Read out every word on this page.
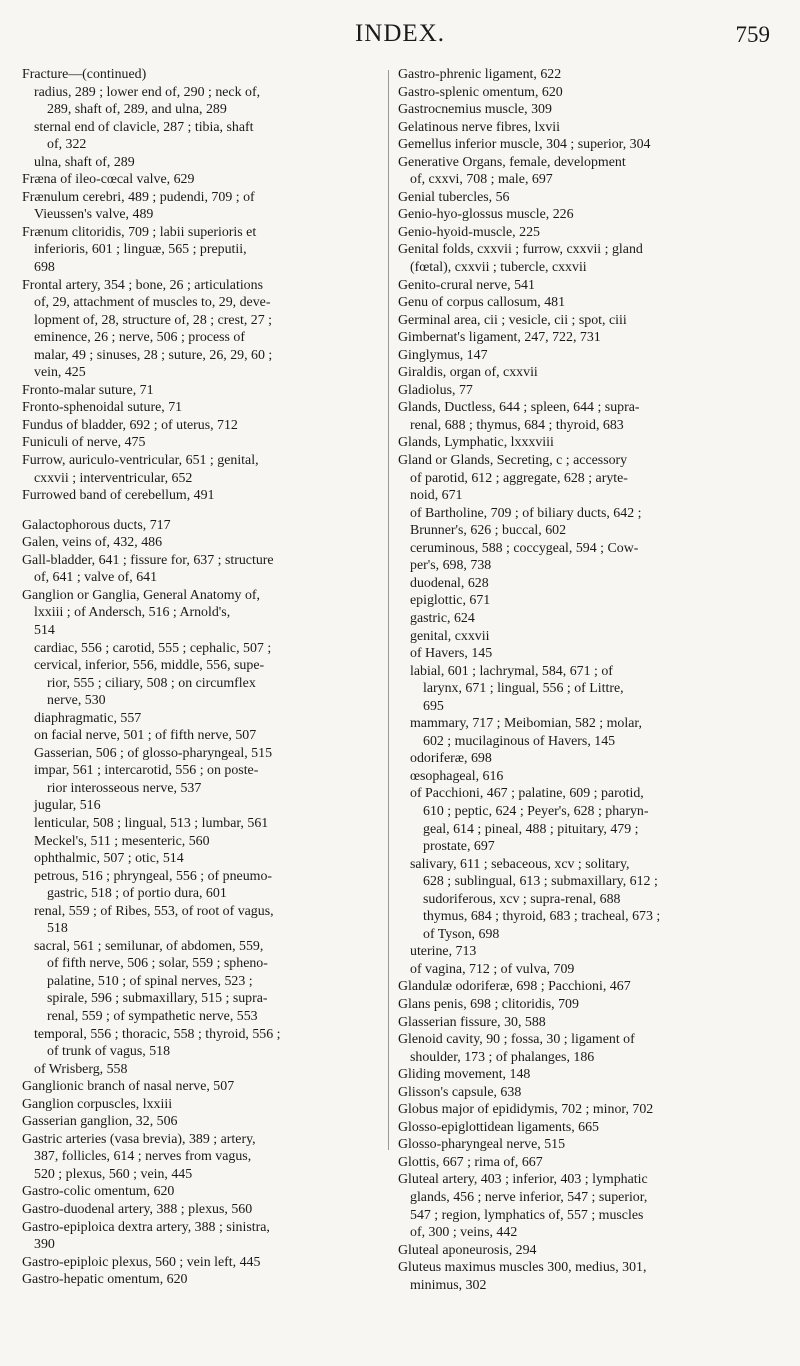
INDEX.	759
Fracture—(continued)
radius, 289 ; lower end of, 290 ; neck of,
289, shaft of, 289, and ulna, 289
sternal end of clavicle, 287 ; tibia, shaft
of, 322
ulna, shaft of, 289
Fræna of ileo-cœcal valve, 629
Frænulum cerebri, 489 ; pudendi, 709 ; of
Vieussen's valve, 489
Frænum clitoridis, 709 ; labii superioris et
inferioris, 601 ; linguæ, 565 ; preputii,
698
Frontal artery, 354 ; bone, 26 ; articulations
of, 29, attachment of muscles to, 29, deve-
lopment of, 28, structure of, 28 ; crest, 27 ;
eminence, 26 ; nerve, 506 ; process of
malar, 49 ; sinuses, 28 ; suture, 26, 29, 60 ;
vein, 425
Fronto-malar suture, 71
Fronto-sphenoidal suture, 71
Fundus of bladder, 692 ; of uterus, 712
Funiculi of nerve, 475
Furrow, auriculo-ventricular, 651 ; genital,
cxxvii ; interventricular, 652
Furrowed band of cerebellum, 491
Galactophorous ducts, 717
Galen, veins of, 432, 486
Gall-bladder, 641 ; fissure for, 637 ; structure
of, 641 ; valve of, 641
Ganglion or Ganglia, General Anatomy of,
lxxiii ; of Andersch, 516 ; Arnold's,
514
cardiac, 556 ; carotid, 555 ; cephalic, 507 ;
cervical, inferior, 556, middle, 556, supe-
rior, 555 ; ciliary, 508 ; on circumflex
nerve, 530
diaphragmatic, 557
on facial nerve, 501 ; of fifth nerve, 507
Gasserian, 506 ; of glosso-pharyngeal, 515
impar, 561 ; intercarotid, 556 ; on poste-
rior interosseous nerve, 537
jugular, 516
lenticular, 508 ; lingual, 513 ; lumbar, 561
Meckel's, 511 ; mesenteric, 560
ophthalmic, 507 ; otic, 514
petrous, 516 ; phryngeal, 556 ; of pneumo-
gastric, 518 ; of portio dura, 601
renal, 559 ; of Ribes, 553, of root of vagus,
518
sacral, 561 ; semilunar, of abdomen, 559,
of fifth nerve, 506 ; solar, 559 ; spheno-
palatine, 510 ; of spinal nerves, 523 ;
spirale, 596 ; submaxillary, 515 ; supra-
renal, 559 ; of sympathetic nerve, 553
temporal, 556 ; thoracic, 558 ; thyroid, 556 ;
of trunk of vagus, 518
of Wrisberg, 558
Ganglionic branch of nasal nerve, 507
Ganglion corpuscles, lxxiii
Gasserian ganglion, 32, 506
Gastric arteries (vasa brevia), 389 ; artery,
387, follicles, 614 ; nerves from vagus,
520 ; plexus, 560 ; vein, 445
Gastro-colic omentum, 620
Gastro-duodenal artery, 388 ; plexus, 560
Gastro-epiploica dextra artery, 388 ; sinistra,
390
Gastro-epiploic plexus, 560 ; vein left, 445
Gastro-hepatic omentum, 620
Gastro-phrenic ligament, 622
Gastro-splenic omentum, 620
Gastrocnemius muscle, 309
Gelatinous nerve fibres, lxvii
Gemellus inferior muscle, 304 ; superior, 304
Generative Organs, female, development
of, cxxvi, 708 ; male, 697
Genial tubercles, 56
Genio-hyo-glossus muscle, 226
Genio-hyoid-muscle, 225
Genital folds, cxxvii ; furrow, cxxvii ; gland
(fœtal), cxxvii ; tubercle, cxxvii
Genito-crural nerve, 541
Genu of corpus callosum, 481
Germinal area, cii ; vesicle, cii ; spot, ciii
Gimbernat's ligament, 247, 722, 731
Ginglymus, 147
Giraldis, organ of, cxxvii
Gladiolus, 77
Glands, Ductless, 644 ; spleen, 644 ; supra-
renal, 688 ; thymus, 684 ; thyroid, 683
Glands, Lymphatic, lxxxviii
Gland or Glands, Secreting, c ; accessory
of parotid, 612 ; aggregate, 628 ; aryte-
noid, 671
of Bartholine, 709 ; of biliary ducts, 642 ;
Brunner's, 626 ; buccal, 602
ceruminous, 588 ; coccygeal, 594 ; Cow-
per's, 698, 738
duodenal, 628
epiglottic, 671
gastric, 624
genital, cxxvii
of Havers, 145
labial, 601 ; lachrymal, 584, 671 ; of
larynx, 671 ; lingual, 556 ; of Littre,
695
mammary, 717 ; Meibomian, 582 ; molar,
602 ; mucilaginous of Havers, 145
odoriferæ, 698
œsophageal, 616
of Pacchioni, 467 ; palatine, 609 ; parotid,
610 ; peptic, 624 ; Peyer's, 628 ; pharyn-
geal, 614 ; pineal, 488 ; pituitary, 479 ;
prostate, 697
salivary, 611 ; sebaceous, xcv ; solitary,
628 ; sublingual, 613 ; submaxillary, 612 ;
sudoriferous, xcv ; supra-renal, 688
thymus, 684 ; thyroid, 683 ; tracheal, 673 ;
of Tyson, 698
uterine, 713
of vagina, 712 ; of vulva, 709
Glandulæ odoriferæ, 698 ; Pacchioni, 467
Glans penis, 698 ; clitoridis, 709
Glasserian fissure, 30, 588
Glenoid cavity, 90 ; fossa, 30 ; ligament of
shoulder, 173 ; of phalanges, 186
Gliding movement, 148
Glisson's capsule, 638
Globus major of epididymis, 702 ; minor, 702
Glosso-epiglottidean ligaments, 665
Glosso-pharyngeal nerve, 515
Glottis, 667 ; rima of, 667
Gluteal artery, 403 ; inferior, 403 ; lymphatic
glands, 456 ; nerve inferior, 547 ; superior,
547 ; region, lymphatics of, 557 ; muscles
of, 300 ; veins, 442
Gluteal aponeurosis, 294
Gluteus maximus muscles 300, medius, 301,
minimus, 302
